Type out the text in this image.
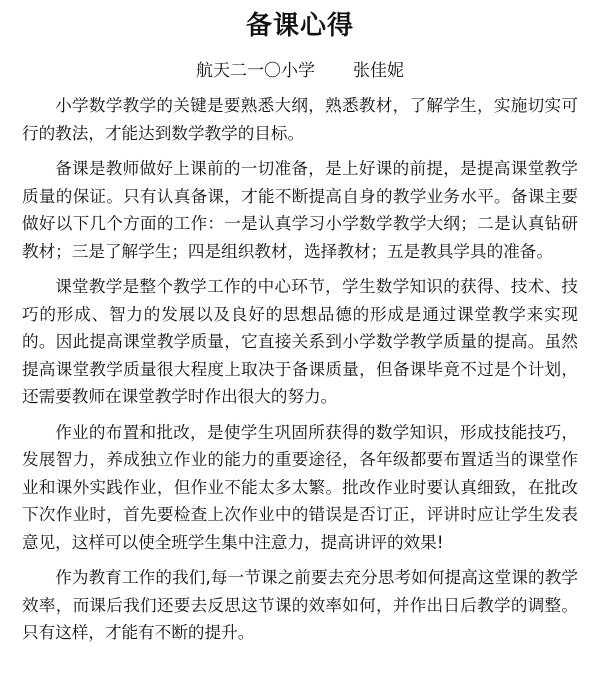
备课心得
航天二一〇小学 张佳妮

小学数学教学的关键是要熟悉大纲，熟悉教材，了解学生，实施切实可行的教法，才能达到数学教学的目标。

备课是教师做好上课前的一切准备，是上好课的前提，是提高课堂教学质量的保证。只有认真备课，才能不断提高自身的教学业务水平。备课主要做好以下几个方面的工作：一是认真学习小学数学教学大纲；二是认真钻研教材；三是了解学生；四是组织教材，选择教材；五是教具学具的准备。

课堂教学是整个教学工作的中心环节，学生数学知识的获得、技术、技巧的形成、智力的发展以及良好的思想品德的形成是通过课堂教学来实现的。因此提高课堂教学质量，它直接关系到小学数学教学质量的提高。虽然提高课堂教学质量很大程度上取决于备课质量，但备课毕竟不过是个计划，还需要教师在课堂教学时作出很大的努力。

作业的布置和批改，是使学生巩固所获得的数学知识，形成技能技巧，发展智力，养成独立作业的能力的重要途径，各年级都要布置适当的课堂作业和课外实践作业，但作业不能太多太繁。批改作业时要认真细致，在批改下次作业时，首先要检查上次作业中的错误是否订正，评讲时应让学生发表意见，这样可以使全班学生集中注意力，提高讲评的效果!

作为教育工作的我们,每一节课之前要去充分思考如何提高这堂课的教学效率，而课后我们还要去反思这节课的效率如何，并作出日后教学的调整。只有这样，才能有不断的提升。
